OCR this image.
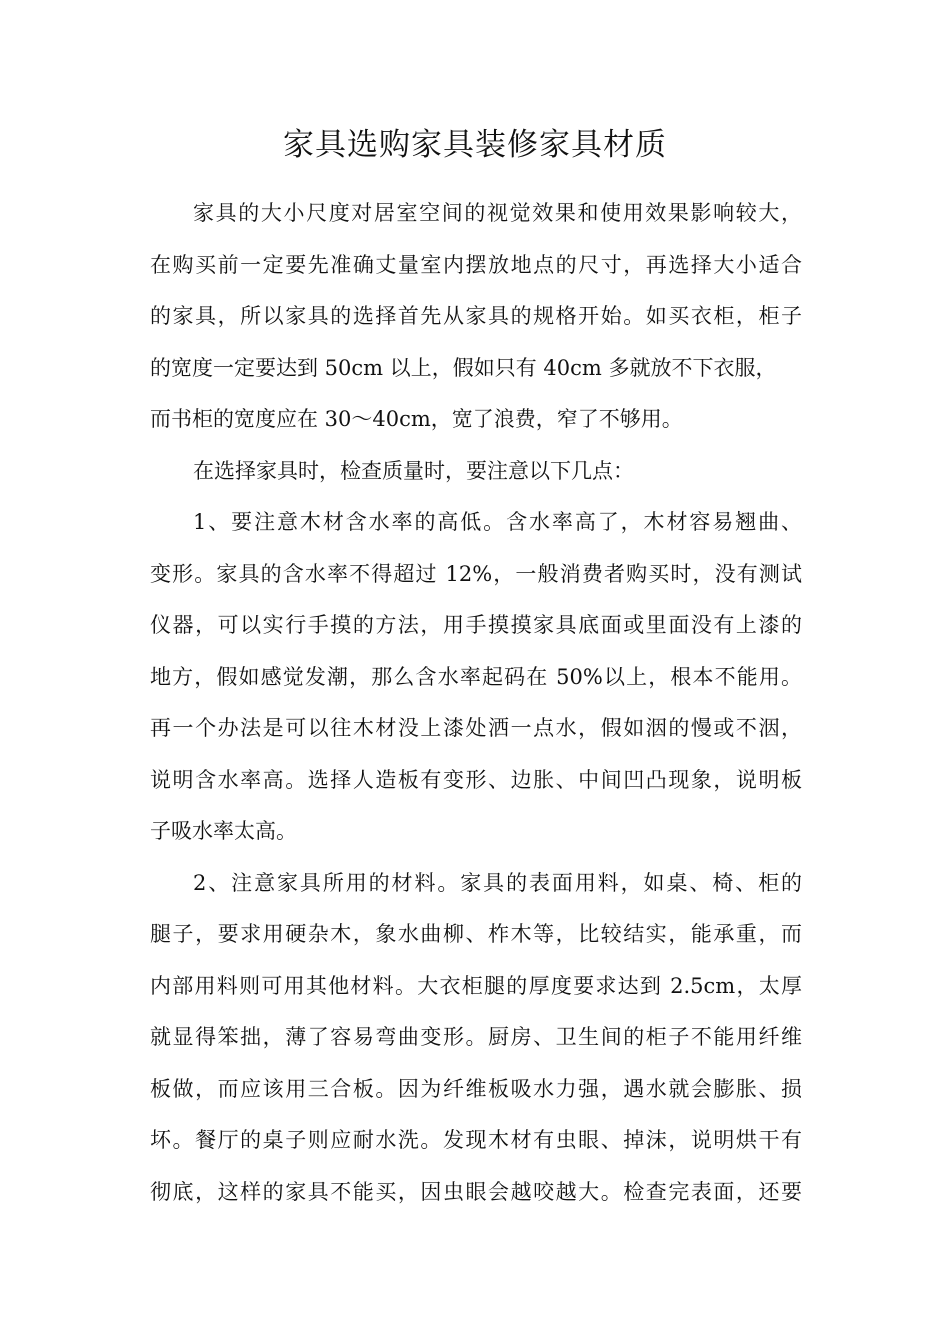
家具选购家具装修家具材质
家具的大小尺度对居室空间的视觉效果和使用效果影响较大，
在购买前一定要先准确丈量室内摆放地点的尺寸，再选择大小适合
的家具，所以家具的选择首先从家具的规格开始。如买衣柜，柜子
的宽度一定要达到 50cm 以上，假如只有 40cm 多就放不下衣服，
而书柜的宽度应在 30～40cm，宽了浪费，窄了不够用。
在选择家具时，检查质量时，要注意以下几点：
1、要注意木材含水率的高低。含水率高了，木材容易翘曲、
变形。家具的含水率不得超过 12%，一般消费者购买时，没有测试
仪器，可以实行手摸的方法，用手摸摸家具底面或里面没有上漆的
地方，假如感觉发潮，那么含水率起码在 50%以上，根本不能用。
再一个办法是可以往木材没上漆处洒一点水，假如洇的慢或不洇，
说明含水率高。选择人造板有变形、边胀、中间凹凸现象，说明板
子吸水率太高。
2、注意家具所用的材料。家具的表面用料，如桌、椅、柜的
腿子，要求用硬杂木，象水曲柳、柞木等，比较结实，能承重，而
内部用料则可用其他材料。大衣柜腿的厚度要求达到 2.5cm，太厚
就显得笨拙，薄了容易弯曲变形。厨房、卫生间的柜子不能用纤维
板做，而应该用三合板。因为纤维板吸水力强，遇水就会膨胀、损
坏。餐厅的桌子则应耐水洗。发现木材有虫眼、掉沫，说明烘干有
彻底，这样的家具不能买，因虫眼会越咬越大。检查完表面，还要
